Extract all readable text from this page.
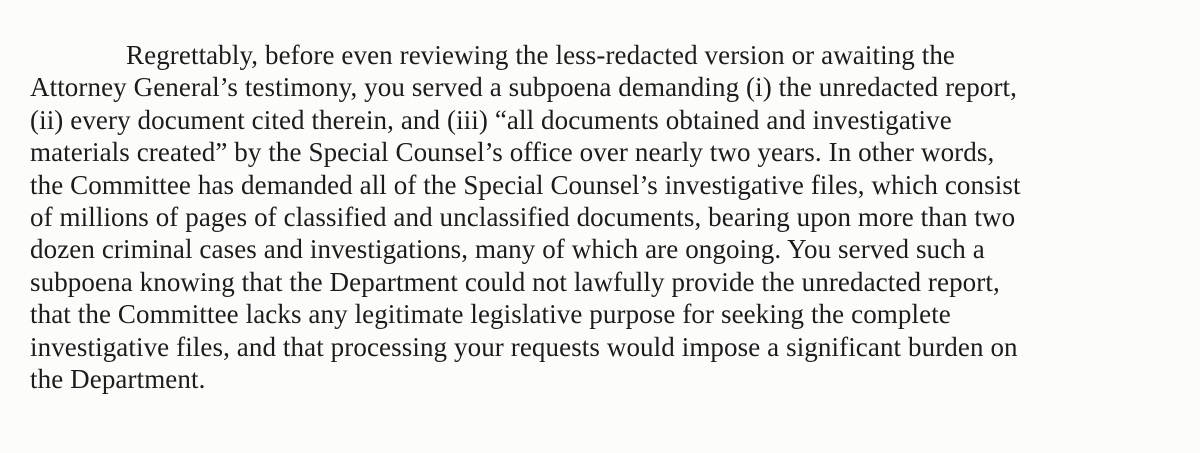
Regrettably, before even reviewing the less-redacted version or awaiting the
Attorney General’s testimony, you served a subpoena demanding (i) the unredacted report,
(ii) every document cited therein, and (iii) “all documents obtained and investigative
materials created” by the Special Counsel’s office over nearly two years. In other words,
the Committee has demanded all of the Special Counsel’s investigative files, which consist
of millions of pages of classified and unclassified documents, bearing upon more than two
dozen criminal cases and investigations, many of which are ongoing. You served such a
subpoena knowing that the Department could not lawfully provide the unredacted report,
that the Committee lacks any legitimate legislative purpose for seeking the complete
investigative files, and that processing your requests would impose a significant burden on
the Department.
